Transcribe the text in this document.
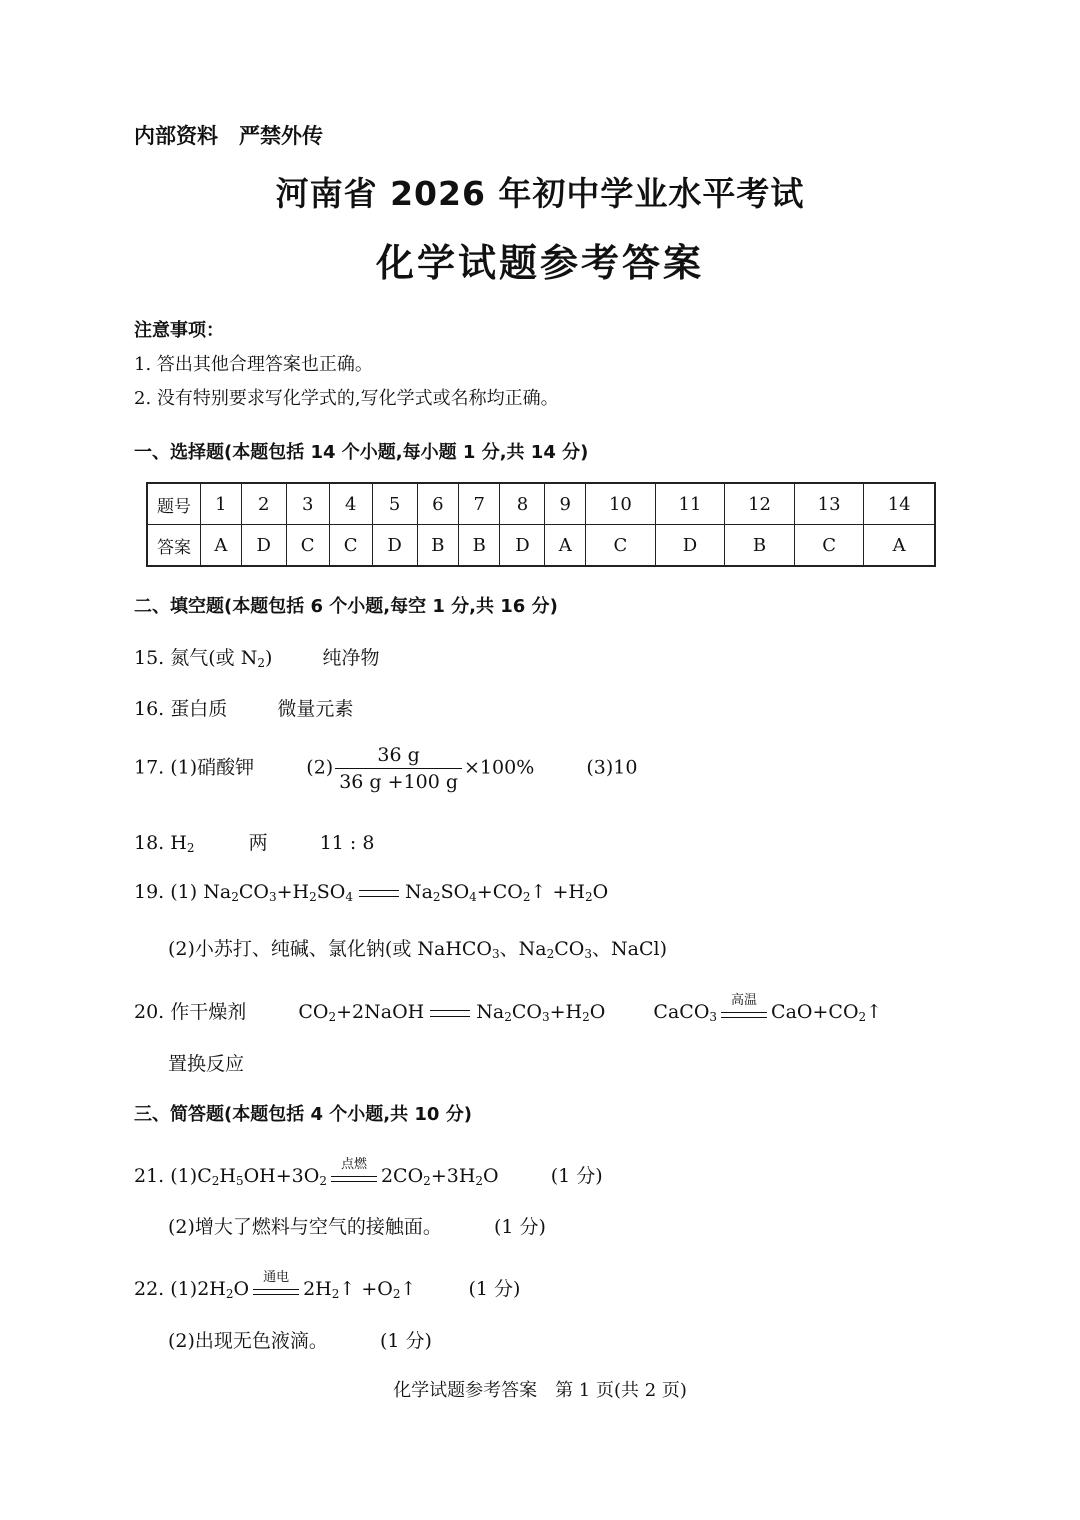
内部资料　严禁外传
河南省 2026 年初中学业水平考试
化学试题参考答案
注意事项：
1. 答出其他合理答案也正确。
2. 没有特别要求写化学式的,写化学式或名称均正确。
一、选择题(本题包括 14 个小题,每小题 1 分,共 14 分)
题号	1	2	3	4	5	6	7	8	9	10	11	12	13	14
答案	A	D	C	C	D	B	B	D	A	C	D	B	C	A
二、填空题(本题包括 6 个小题,每空 1 分,共 16 分)
15. 氮气(或 $N_2$)	纯净物
16. 蛋白质	微量元素
17. (1)硝酸钾	$(2) \frac{36 g}{36 g +100 g} \times 100\%$	(3)10
18. $H_2$	两	11 : 8
19. (1) $Na_2CO_3+H_2SO_4$	$Na_2SO_4+CO_2↑ +H_2O$
(2)小苏打、纯碱、氯化钠(或 NaHCO$_3$、$Na_2CO_3$、NaCl)
20. 作干燥剂	$CO_2+2NaOH$	$Na_2CO_3+H_2O$	CaCO$_3$
高温
$CaO+CO_2↑$
置换反应
三、简答题(本题包括 4 个小题,共 10 分)
21. $(1)C_2H_5OH+3O_2$
点燃
$2CO_2+3H_2O$	(1 分)
(2)增大了燃料与空气的接触面。	(1 分)
22. $(1)2H_2O$
通电
$2H_2↑$ $+O_2↑$	(1 分)
(2)出现无色液滴。	(1 分)
化学试题参考答案　第 1 页(共 2 页)
